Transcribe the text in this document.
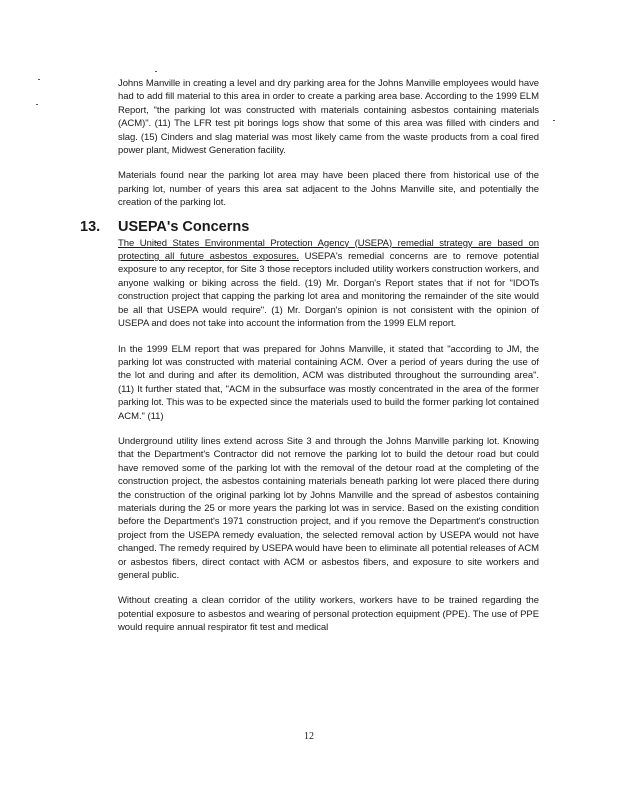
Johns Manville in creating a level and dry parking area for the Johns Manville employees would have had to add fill material to this area in order to create a parking area base. According to the 1999 ELM Report, "the parking lot was constructed with materials containing asbestos containing materials (ACM)". (11) The LFR test pit borings logs show that some of this area was filled with cinders and slag. (15) Cinders and slag material was most likely came from the waste products from a coal fired power plant, Midwest Generation facility.

Materials found near the parking lot area may have been placed there from historical use of the parking lot, number of years this area sat adjacent to the Johns Manville site, and potentially the creation of the parking lot.

13. USEPA's Concerns

The United States Environmental Protection Agency (USEPA) remedial strategy are based on protecting all future asbestos exposures. USEPA's remedial concerns are to remove potential exposure to any receptor, for Site 3 those receptors included utility workers construction workers, and anyone walking or biking across the field. (19) Mr. Dorgan's Report states that if not for "IDOTs construction project that capping the parking lot area and monitoring the remainder of the site would be all that USEPA would require". (1) Mr. Dorgan's opinion is not consistent with the opinion of USEPA and does not take into account the information from the 1999 ELM report.

In the 1999 ELM report that was prepared for Johns Manville, it stated that "according to JM, the parking lot was constructed with material containing ACM. Over a period of years during the use of the lot and during and after its demolition, ACM was distributed throughout the surrounding area". (11) It further stated that, "ACM in the subsurface was mostly concentrated in the area of the former parking lot. This was to be expected since the materials used to build the former parking lot contained ACM." (11)

Underground utility lines extend across Site 3 and through the Johns Manville parking lot. Knowing that the Department's Contractor did not remove the parking lot to build the detour road but could have removed some of the parking lot with the removal of the detour road at the completing of the construction project, the asbestos containing materials beneath parking lot were placed there during the construction of the original parking lot by Johns Manville and the spread of asbestos containing materials during the 25 or more years the parking lot was in service. Based on the existing condition before the Department's 1971 construction project, and if you remove the Department's construction project from the USEPA remedy evaluation, the selected removal action by USEPA would not have changed. The remedy required by USEPA would have been to eliminate all potential releases of ACM or asbestos fibers, direct contact with ACM or asbestos fibers, and exposure to site workers and general public.

Without creating a clean corridor of the utility workers, workers have to be trained regarding the potential exposure to asbestos and wearing of personal protection equipment (PPE). The use of PPE would require annual respirator fit test and medical

12
